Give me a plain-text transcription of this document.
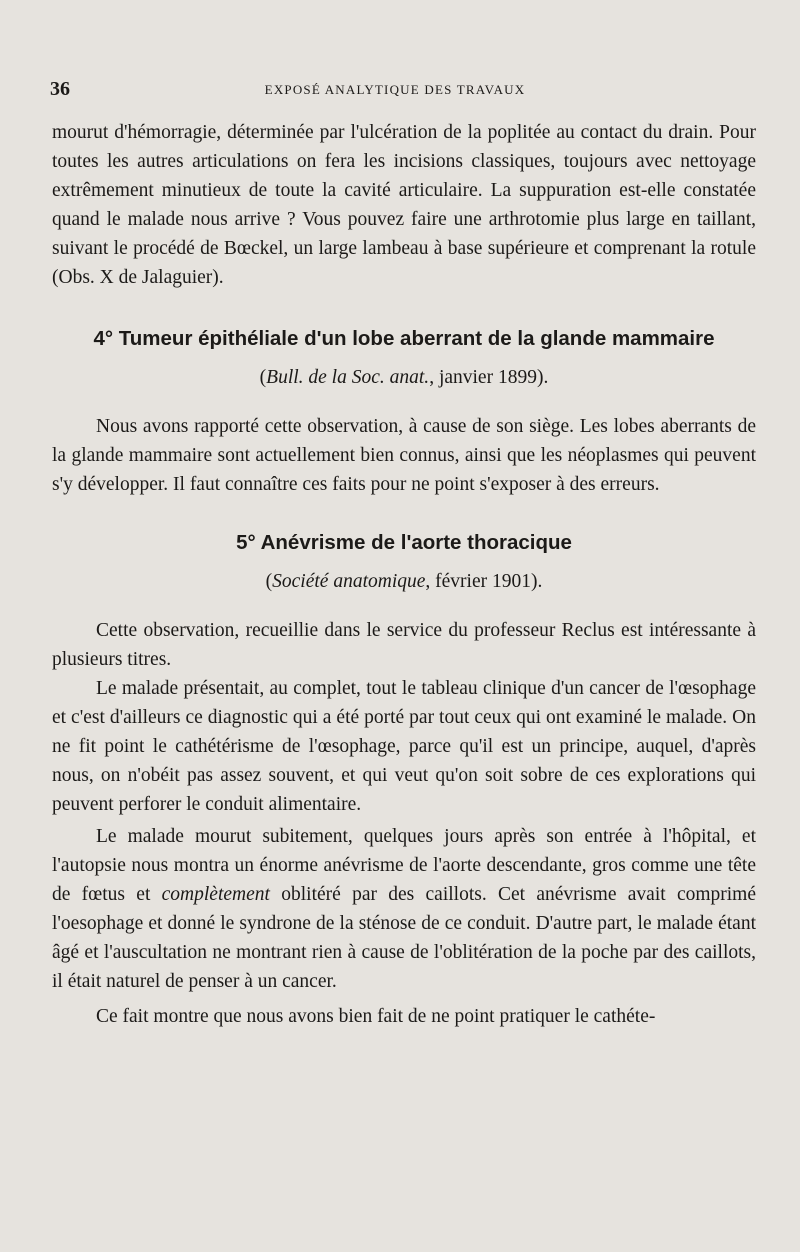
36	EXPOSÉ ANALYTIQUE DES TRAVAUX

mourut d'hémorragie, déterminée par l'ulcération de la poplitée au contact du drain. Pour toutes les autres articulations on fera les incisions classiques, toujours avec nettoyage extrêmement minutieux de toute la cavité articulaire. La suppuration est-elle constatée quand le malade nous arrive ? Vous pouvez faire une arthrotomie plus large en taillant, suivant le procédé de Bœckel, un large lambeau à base supérieure et comprenant la rotule (Obs. X de Jalaguier).

4° Tumeur épithéliale d'un lobe aberrant de la glande mammaire

(Bull. de la Soc. anat., janvier 1899).

Nous avons rapporté cette observation, à cause de son siège. Les lobes aberrants de la glande mammaire sont actuellement bien connus, ainsi que les néoplasmes qui peuvent s'y développer. Il faut connaître ces faits pour ne point s'exposer à des erreurs.

5° Anévrisme de l'aorte thoracique

(Société anatomique, février 1901).

Cette observation, recueillie dans le service du professeur Reclus est intéressante à plusieurs titres.

Le malade présentait, au complet, tout le tableau clinique d'un cancer de l'œsophage et c'est d'ailleurs ce diagnostic qui a été porté par tout ceux qui ont examiné le malade. On ne fit point le cathétérisme de l'œsophage, parce qu'il est un principe, auquel, d'après nous, on n'obéit pas assez souvent, et qui veut qu'on soit sobre de ces explorations qui peuvent perforer le conduit alimentaire.

Le malade mourut subitement, quelques jours après son entrée à l'hôpital, et l'autopsie nous montra un énorme anévrisme de l'aorte descendante, gros comme une tête de fœtus et complètement oblitéré par des caillots. Cet anévrisme avait comprimé l'oesophage et donné le syndrone de la sténose de ce conduit. D'autre part, le malade étant âgé et l'auscultation ne montrant rien à cause de l'oblitération de la poche par des caillots, il était naturel de penser à un cancer.

Ce fait montre que nous avons bien fait de ne point pratiquer le cathéte-
